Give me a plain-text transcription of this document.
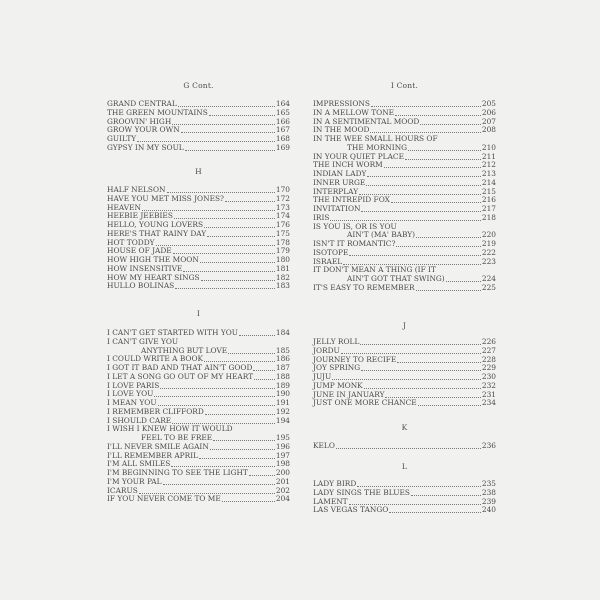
G Cont.
H
I
GRAND CENTRAL	164
THE GREEN MOUNTAINS	165
GROOVIN' HIGH	166
GROW YOUR OWN	167
GUILTY	168
GYPSY IN MY SOUL	169
HALF NELSON	170
HAVE YOU MET MISS JONES?	172
HEAVEN	173
HEEBIE JEEBIES	174
HELLO, YOUNG LOVERS	176
HERE'S THAT RAINY DAY	175
HOT TODDY	178
HOUSE OF JADE	179
HOW HIGH THE MOON	180
HOW INSENSITIVE	181
HOW MY HEART SINGS	182
HULLO BOLINAS	183
I CAN'T GET STARTED WITH YOU	184
I CAN'T GIVE YOU
ANYTHING BUT LOVE	185
I COULD WRITE A BOOK	186
I GOT IT BAD AND THAT AIN'T GOOD	187
I LET A SONG GO OUT OF MY HEART	188
I LOVE PARIS	189
I LOVE YOU	190
I MEAN YOU	191
I REMEMBER CLIFFORD	192
I SHOULD CARE	194
I WISH I KNEW HOW IT WOULD
FEEL TO BE FREE	195
I'LL NEVER SMILE AGAIN	196
I'LL REMEMBER APRIL	197
I'M ALL SMILES	198
I'M BEGINNING TO SEE THE LIGHT	200
I'M YOUR PAL	201
ICARUS	202
IF YOU NEVER COME TO ME	204
I Cont.
J
K
L
IMPRESSIONS	205
IN A MELLOW TONE	206
IN A SENTIMENTAL MOOD	207
IN THE MOOD	208
IN THE WEE SMALL HOURS OF
THE MORNING	210
IN YOUR QUIET PLACE	211
THE INCH WORM	212
INDIAN LADY	213
INNER URGE	214
INTERPLAY	215
THE INTREPID FOX	216
INVITATION	217
IRIS	218
IS YOU IS, OR IS YOU
AIN'T (MA' BABY)	220
ISN'T IT ROMANTIC?	219
ISOTOPE	222
ISRAEL	223
IT DON'T MEAN A THING (IF IT
AIN'T GOT THAT SWING)	224
IT'S EASY TO REMEMBER	225
JELLY ROLL	226
JORDU	227
JOURNEY TO RECIFE	228
JOY SPRING	229
JUJU	230
JUMP MONK	232
JUNE IN JANUARY	231
JUST ONE MORE CHANCE	234
KELO	236
LADY BIRD	235
LADY SINGS THE BLUES	238
LAMENT	239
LAS VEGAS TANGO	240
